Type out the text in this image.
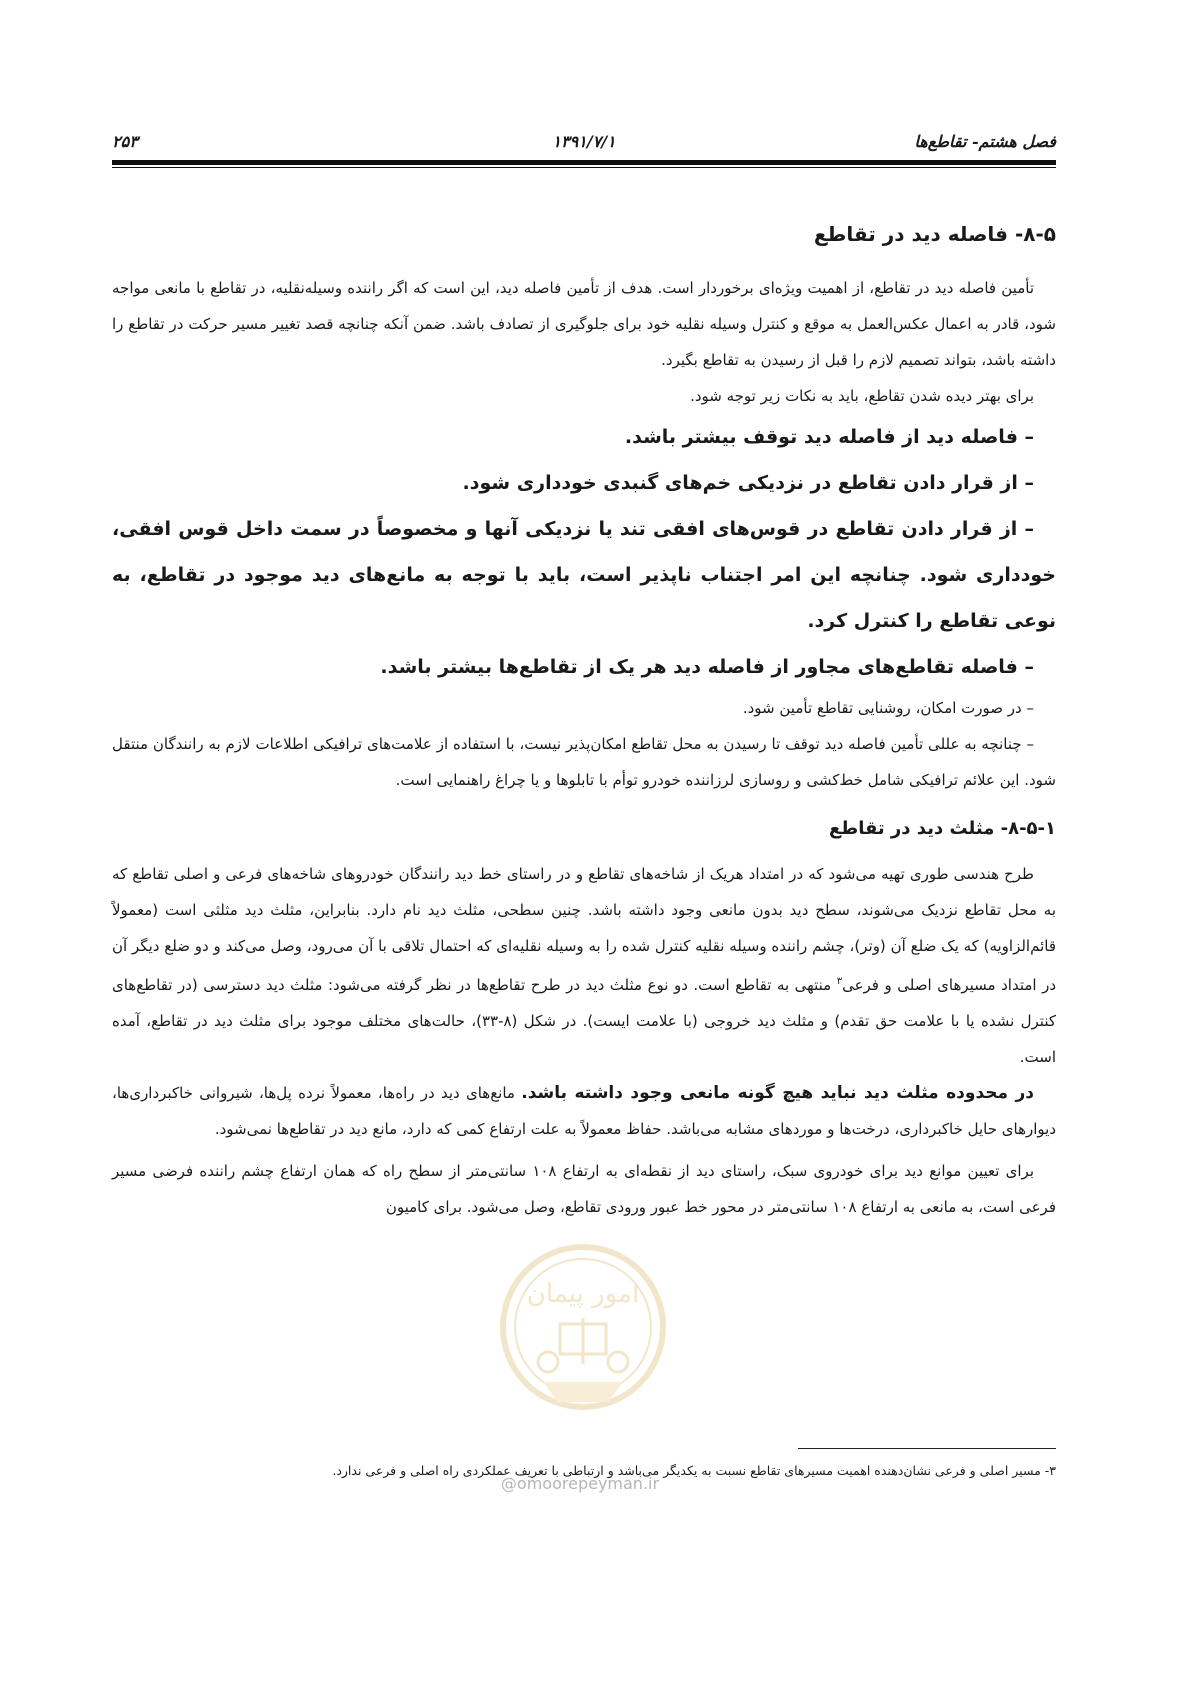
فصل هشتم- تقاطع‌ها
۱۳۹۱/۷/۱
۲۵۳
۸-۵- فاصله دید در تقاطع

تأمین فاصله دید در تقاطع، از اهمیت ویژه‌ای برخوردار است. هدف از تأمین فاصله دید، این است که اگر راننده وسیله‌نقلیه، در تقاطع با مانعی مواجه شود، قادر به اعمال عکس‌العمل به موقع و کنترل وسیله نقلیه خود برای جلوگیری از تصادف باشد. ضمن آنکه چنانچه قصد تغییر مسیر حرکت در تقاطع را داشته باشد، بتواند تصمیم لازم را قبل از رسیدن به تقاطع بگیرد.

برای بهتر دیده شدن تقاطع، باید به نکات زیر توجه شود.

– فاصله دید از فاصله دید توقف بیشتر باشد.

– از قرار دادن تقاطع در نزدیکی خم‌های گنبدی خودداری شود.

– از قرار دادن تقاطع در قوس‌های افقی تند یا نزدیکی آنها و مخصوصاً در سمت داخل قوس افقی، خودداری شود. چنانچه این امر اجتناب ناپذیر است، باید با توجه به مانع‌های دید موجود در تقاطع، به نوعی تقاطع را کنترل کرد.

– فاصله تقاطع‌های مجاور از فاصله دید هر یک از تقاطع‌ها بیشتر باشد.

– در صورت امکان، روشنایی تقاطع تأمین شود.

– چنانچه به عللی تأمین فاصله دید توقف تا رسیدن به محل تقاطع امکان‌پذیر نیست، با استفاده از علامت‌های ترافیکی اطلاعات لازم به رانندگان منتقل شود. این علائم ترافیکی شامل خط‌کشی و روسازی لرزاننده خودرو توأم با تابلوها و یا چراغ راهنمایی است.

۸-۵-۱- مثلث دید در تقاطع

طرح هندسی طوری تهیه می‌شود که در امتداد هریک از شاخه‌های تقاطع و در راستای خط دید رانندگان خودروهای شاخه‌های فرعی و اصلی تقاطع که به محل تقاطع نزدیک می‌شوند، سطح دید بدون مانعی وجود داشته باشد. چنین سطحی، مثلث دید نام دارد. بنابراین، مثلث دید مثلثی است (معمولاً قائم‌الزاویه) که یک ضلع آن (وتر)، چشم راننده وسیله نقلیه کنترل شده را به وسیله نقلیه‌ای که احتمال تلاقی با آن می‌رود، وصل می‌کند و دو ضلع دیگر آن در امتداد مسیرهای اصلی و فرعی$^۳$ منتهی به تقاطع است. دو نوع مثلث دید در طرح تقاطع‌ها در نظر گرفته می‌شود: مثلث دید دسترسی (در تقاطع‌های کنترل نشده یا با علامت حق تقدم) و مثلث دید خروجی (با علامت ایست). در شکل (۸-۳۳)، حالت‌های مختلف موجود برای مثلث دید در تقاطع، آمده است.

در محدوده مثلث دید نباید هیچ گونه مانعی وجود داشته باشد. مانع‌های دید در راه‌ها، معمولاً نرده پل‌ها، شیروانی خاکبرداری‌ها، دیوارهای حایل خاکبرداری، درخت‌ها و موردهای مشابه می‌باشد. حفاظ معمولاً به علت ارتفاع کمی که دارد، مانع دید در تقاطع‌ها نمی‌شود.

برای تعیین موانع دید برای خودروی سبک، راستای دید از نقطه‌ای به ارتفاع ۱۰۸ سانتی‌متر از سطح راه که همان ارتفاع چشم راننده فرضی مسیر فرعی است، به مانعی به ارتفاع ۱۰۸ سانتی‌متر در محور خط عبور ورودی تقاطع، وصل می‌شود. برای کامیون

۳- مسیر اصلی و فرعی نشان‌دهنده اهمیت مسیرهای تقاطع نسبت به یکدیگر می‌باشد و ارتباطی با تعریف عملکردی راه اصلی و فرعی ندارد.
امور پیمان
@omoorepeyman.ir
